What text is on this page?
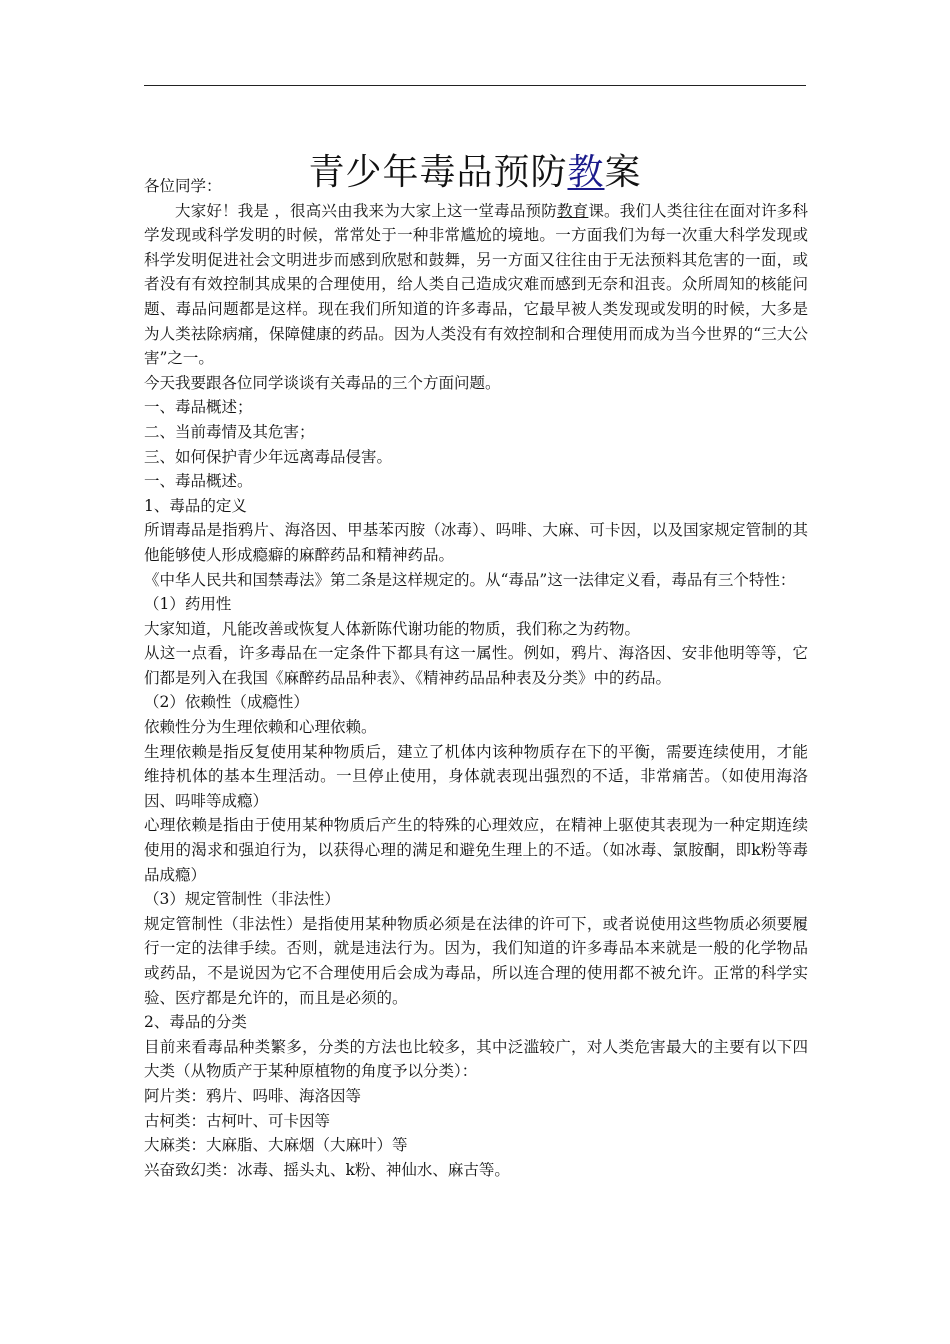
青少年毒品预防教案

各位同学：

大家好！我是 ，很高兴由我来为大家上这一堂毒品预防教育课。我们人类往往在面对许多科学发现或科学发明的时候，常常处于一种非常尴尬的境地。一方面我们为每一次重大科学发现或科学发明促进社会文明进步而感到欣慰和鼓舞，另一方面又往往由于无法预料其危害的一面，或者没有有效控制其成果的合理使用，给人类自己造成灾难而感到无奈和沮丧。众所周知的核能问题、毒品问题都是这样。现在我们所知道的许多毒品，它最早被人类发现或发明的时候，大多是为人类祛除病痛，保障健康的药品。因为人类没有有效控制和合理使用而成为当今世界的“三大公害”之一。

今天我要跟各位同学谈谈有关毒品的三个方面问题。

一、毒品概述；

二、当前毒情及其危害；

三、如何保护青少年远离毒品侵害。

一、毒品概述。

1、毒品的定义

所谓毒品是指鸦片、海洛因、甲基苯丙胺（冰毒）、吗啡、大麻、可卡因，以及国家规定管制的其他能够使人形成瘾癖的麻醉药品和精神药品。

《中华人民共和国禁毒法》第二条是这样规定的。从“毒品”这一法律定义看，毒品有三个特性：

（1）药用性

大家知道，凡能改善或恢复人体新陈代谢功能的物质，我们称之为药物。

从这一点看，许多毒品在一定条件下都具有这一属性。例如，鸦片、海洛因、安非他明等等，它们都是列入在我国《麻醉药品品种表》、《精神药品品种表及分类》中的药品。

（2）依赖性（成瘾性）

依赖性分为生理依赖和心理依赖。

生理依赖是指反复使用某种物质后，建立了机体内该种物质存在下的平衡，需要连续使用，才能维持机体的基本生理活动。一旦停止使用，身体就表现出强烈的不适，非常痛苦。（如使用海洛因、吗啡等成瘾）

心理依赖是指由于使用某种物质后产生的特殊的心理效应，在精神上驱使其表现为一种定期连续使用的渴求和强迫行为，以获得心理的满足和避免生理上的不适。（如冰毒、氯胺酮，即k粉等毒品成瘾）

（3）规定管制性（非法性）

规定管制性（非法性）是指使用某种物质必须是在法律的许可下，或者说使用这些物质必须要履行一定的法律手续。否则，就是违法行为。因为，我们知道的许多毒品本来就是一般的化学物品或药品，不是说因为它不合理使用后会成为毒品，所以连合理的使用都不被允许。正常的科学实验、医疗都是允许的，而且是必须的。

2、毒品的分类

目前来看毒品种类繁多，分类的方法也比较多，其中泛滥较广，对人类危害最大的主要有以下四大类（从物质产于某种原植物的角度予以分类）：

阿片类：鸦片、吗啡、海洛因等

古柯类：古柯叶、可卡因等

大麻类：大麻脂、大麻烟（大麻叶）等

兴奋致幻类：冰毒、摇头丸、k粉、神仙水、麻古等。
